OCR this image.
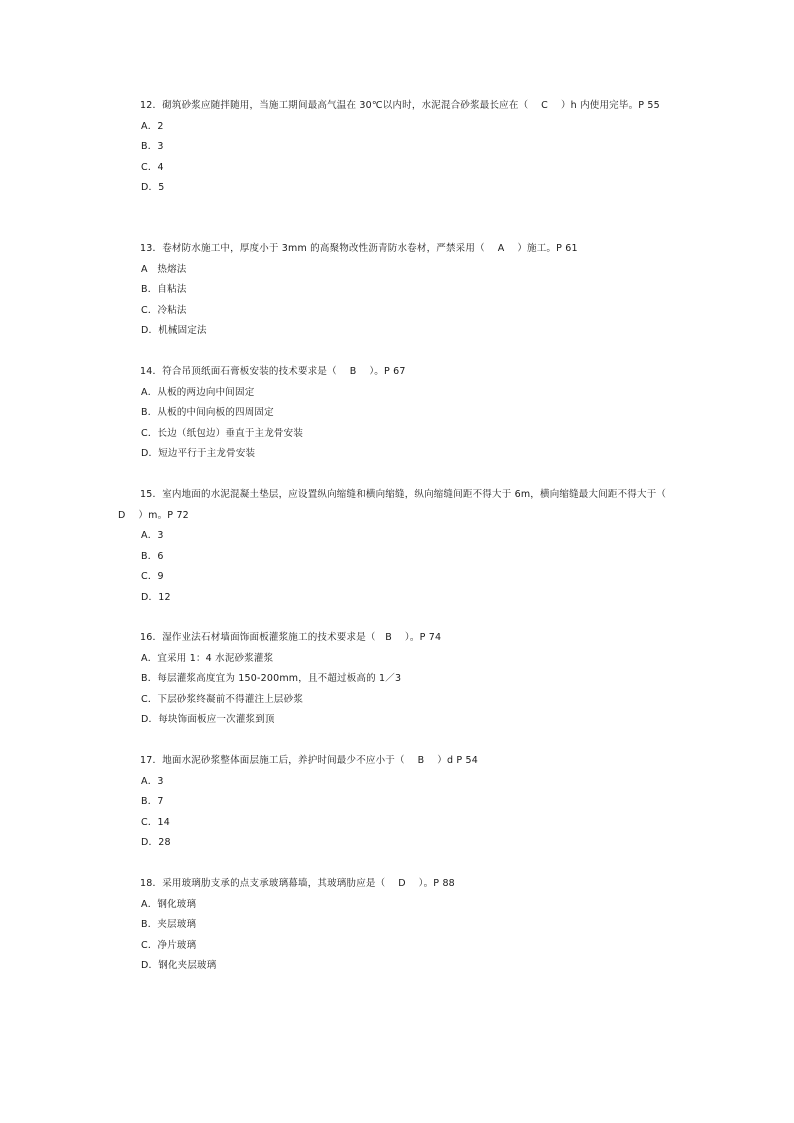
12．砌筑砂浆应随拌随用，当施工期间最高气温在 30℃以内时，水泥混合砂浆最长应在（　 C　 ）h 内使用完毕。P 55

A．2
B．3
C．4
D．5

13．卷材防水施工中，厚度小于 3mm 的高聚物改性沥青防水卷材，严禁采用（　 A　 ）施工。P 61

A　热熔法
B．自粘法
C．冷粘法
D．机械固定法

14．符合吊顶纸面石膏板安装的技术要求是（　 B　 ）。P 67

A．从板的两边向中间固定
B．从板的中间向板的四周固定
C．长边（纸包边）垂直于主龙骨安装
D．短边平行于主龙骨安装

15．室内地面的水泥混凝土垫层，应设置纵向缩缝和横向缩缝，纵向缩缝间距不得大于 6m，横向缩缝最大间距不得大于（　 D　 ）m。P 72

A．3
B．6
C．9
D．12

16．湿作业法石材墙面饰面板灌浆施工的技术要求是（　B　 ）。P 74

A．宜采用 1：4 水泥砂浆灌浆
B．每层灌浆高度宜为 150-200mm，且不超过板高的 1／3
C．下层砂浆终凝前不得灌注上层砂浆
D．每块饰面板应一次灌浆到顶

17．地面水泥砂浆整体面层施工后，养护时间最少不应小于（　 B　 ）d P 54

A．3
B．7
C．14
D．28

18．采用玻璃肋支承的点支承玻璃幕墙，其玻璃肋应是（　 D　 ）。P 88

A．钢化玻璃
B．夹层玻璃
C．净片玻璃
D．钢化夹层玻璃
